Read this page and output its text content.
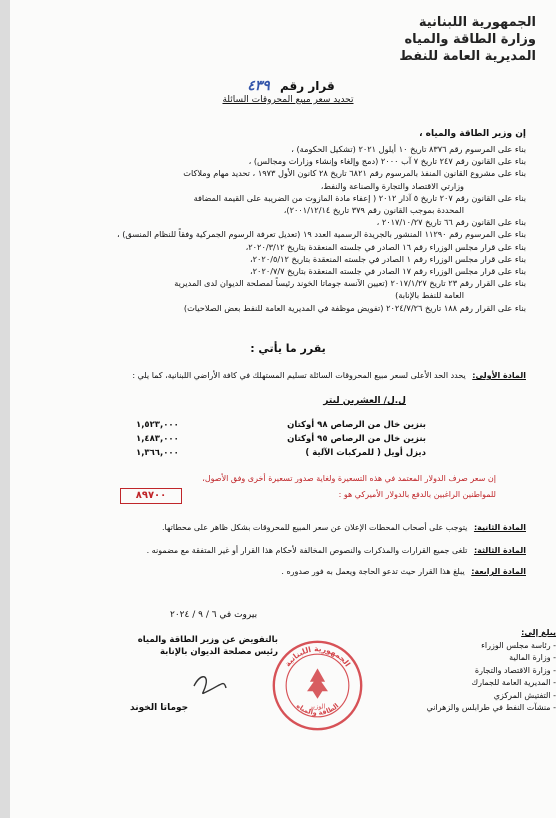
الجمهورية اللبنانية
وزارة الطاقة والمياه
المديرية العامة للنفط
قرار رقم ٤٣٩
تحديد سعر مبيع المحروقات السائلة
إن وزير الطاقة والمياه ،
بناء على المرسوم رقم ٨٣٧٦ تاريخ ١٠ أيلول ٢٠٢١ (تشكيل الحكومة) ،
بناء على القانون رقم ٢٤٧ تاريخ ٧ آب ٢٠٠٠ (دمج وإلغاء وإنشاء وزارات ومجالس) ،
بناء على مشروع القانون المنفذ بالمرسوم رقم ٦٨٢١ تاريخ ٢٨ كانون الأول ١٩٧٣ ، تحديد مهام وملاكات
وزارتي الاقتصاد والتجارة والصناعة والنفط،
بناء على القانون رقم ٢٠٧ تاريخ ٥ آذار ٢٠١٢ ( إعفاء مادة المازوت من الضريبة على القيمة المضافة
المحددة بموجب القانون رقم ٣٧٩ تاريخ ٢٠٠١/١٢/١٤)،
بناء على القانون رقم ٦٦ تاريخ ٢٠١٧/١٠/٢٧ ،
بناء على المرسوم رقم ١١٢٩٠ المنشور بالجريدة الرسمية العدد ١٩ (تعديل تعرفة الرسوم الجمركية وفقاً للنظام المنسق) ،
بناء على قرار مجلس الوزراء رقم ١٦ الصادر في جلسته المنعقدة بتاريخ ٢٠٢٠/٣/١٢،
بناء على قرار مجلس الوزراء رقم ١ الصادر في جلسته المنعقدة بتاريخ ٢٠٢٠/٥/١٢،
بناء على قرار مجلس الوزراء رقم ١٧ الصادر في جلسته المنعقدة بتاريخ ٢٠٢٠/٧/٧،
بناء على القرار رقم ٢٣ تاريخ ٢٠١٧/١/٢٧ (تعيين الآنسة جوماتا الخوند رئيساً لمصلحة الديوان لدى المديرية
العامة للنفط بالإنابة)
بناء على القرار رقم ١٨٨ تاريخ ٢٠٢٤/٧/٢٦ (تفويض موظفة في المديرية العامة للنفط بعض الصلاحيات)
يقرر ما يأتي :
المادة الأولى: يحدد الحد الأعلى لسعر مبيع المحروقات السائلة تسليم المستهلك في كافة الأراضي اللبنانية، كما يلي :
ل.ل/ العشرين ليتر
بنزين خال من الرصاص ٩٨ أوكتان
١,٥٢٣,٠٠٠
بنزين خال من الرصاص ٩٥ أوكتان
١,٤٨٣,٠٠٠
ديزل أويل ( للمركبات الآلية )
١,٣٦٦,٠٠٠
إن سعر صرف الدولار المعتمد في هذه التسعيرة ولغاية صدور تسعيرة أخرى وفق الأصول،
للمواطنين الراغبين بالدفع بالدولار الأميركي هو :
٨٩٧٠٠
المادة الثانية: يتوجب على أصحاب المحطات الإعلان عن سعر المبيع للمحروقات بشكل ظاهر على محطاتها.
المادة الثالثة: تلغى جميع القرارات والمذكرات والنصوص المخالفة لأحكام هذا القرار أو غير المتفقة مع مضمونه .
المادة الرابعة: يبلغ هذا القرار حيث تدعو الحاجة ويعمل به فور صدوره .
بيروت في ٦ / ٩ / ٢٠٢٤
بالتفويض عن وزير الطاقة والمياه
رئيس مصلحة الديوان بالإنابة
جوماتا الخوند
الجمهورية اللبنانية
الطاقة والمياه
الوزير
يبلغ إلى:
- رئاسة مجلس الوزراء
- وزارة المالية
- وزارة الاقتصاد والتجارة
- المديرية العامة للجمارك
- التفتيش المركزي
- منشآت النفط في طرابلس والزهراني
